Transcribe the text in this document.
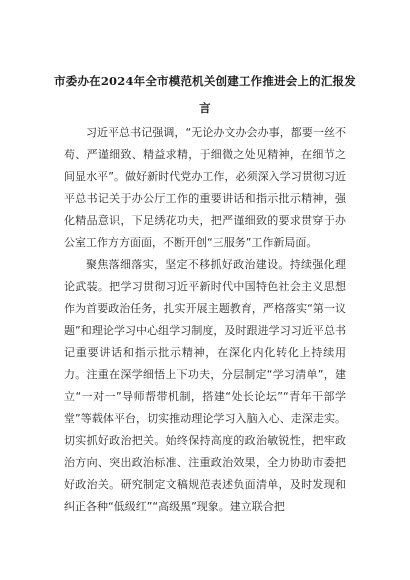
市委办在2024年全市模范机关创建工作推进会上的汇报发言

习近平总书记强调，“无论办文办会办事，都要一丝不苟、严谨细致、精益求精，于细微之处见精神，在细节之间显水平”。做好新时代党办工作，必须深入学习贯彻习近平总书记关于办公厅工作的重要讲话和指示批示精神，强化精品意识，下足绣花功夫，把严谨细致的要求贯穿于办公室工作方方面面，不断开创“三服务”工作新局面。

聚焦落细落实，坚定不移抓好政治建设。持续强化理论武装。把学习贯彻习近平新时代中国特色社会主义思想作为首要政治任务，扎实开展主题教育，严格落实“第一议题”和理论学习中心组学习制度，及时跟进学习习近平总书记重要讲话和指示批示精神，在深化内化转化上持续用力。注重在深学细悟上下功夫，分层制定“学习清单”，建立“一对一”导师帮带机制，搭建“处长论坛”“青年干部学堂”等载体平台，切实推动理论学习入脑入心、走深走实。切实抓好政治把关。始终保持高度的政治敏锐性，把牢政治方向、突出政治标准、注重政治效果，全力协助市委把好政治关。研究制定文稿规范表述负面清单，及时发现和纠正各种“低级红”“高级黑”现象。建立联合把
